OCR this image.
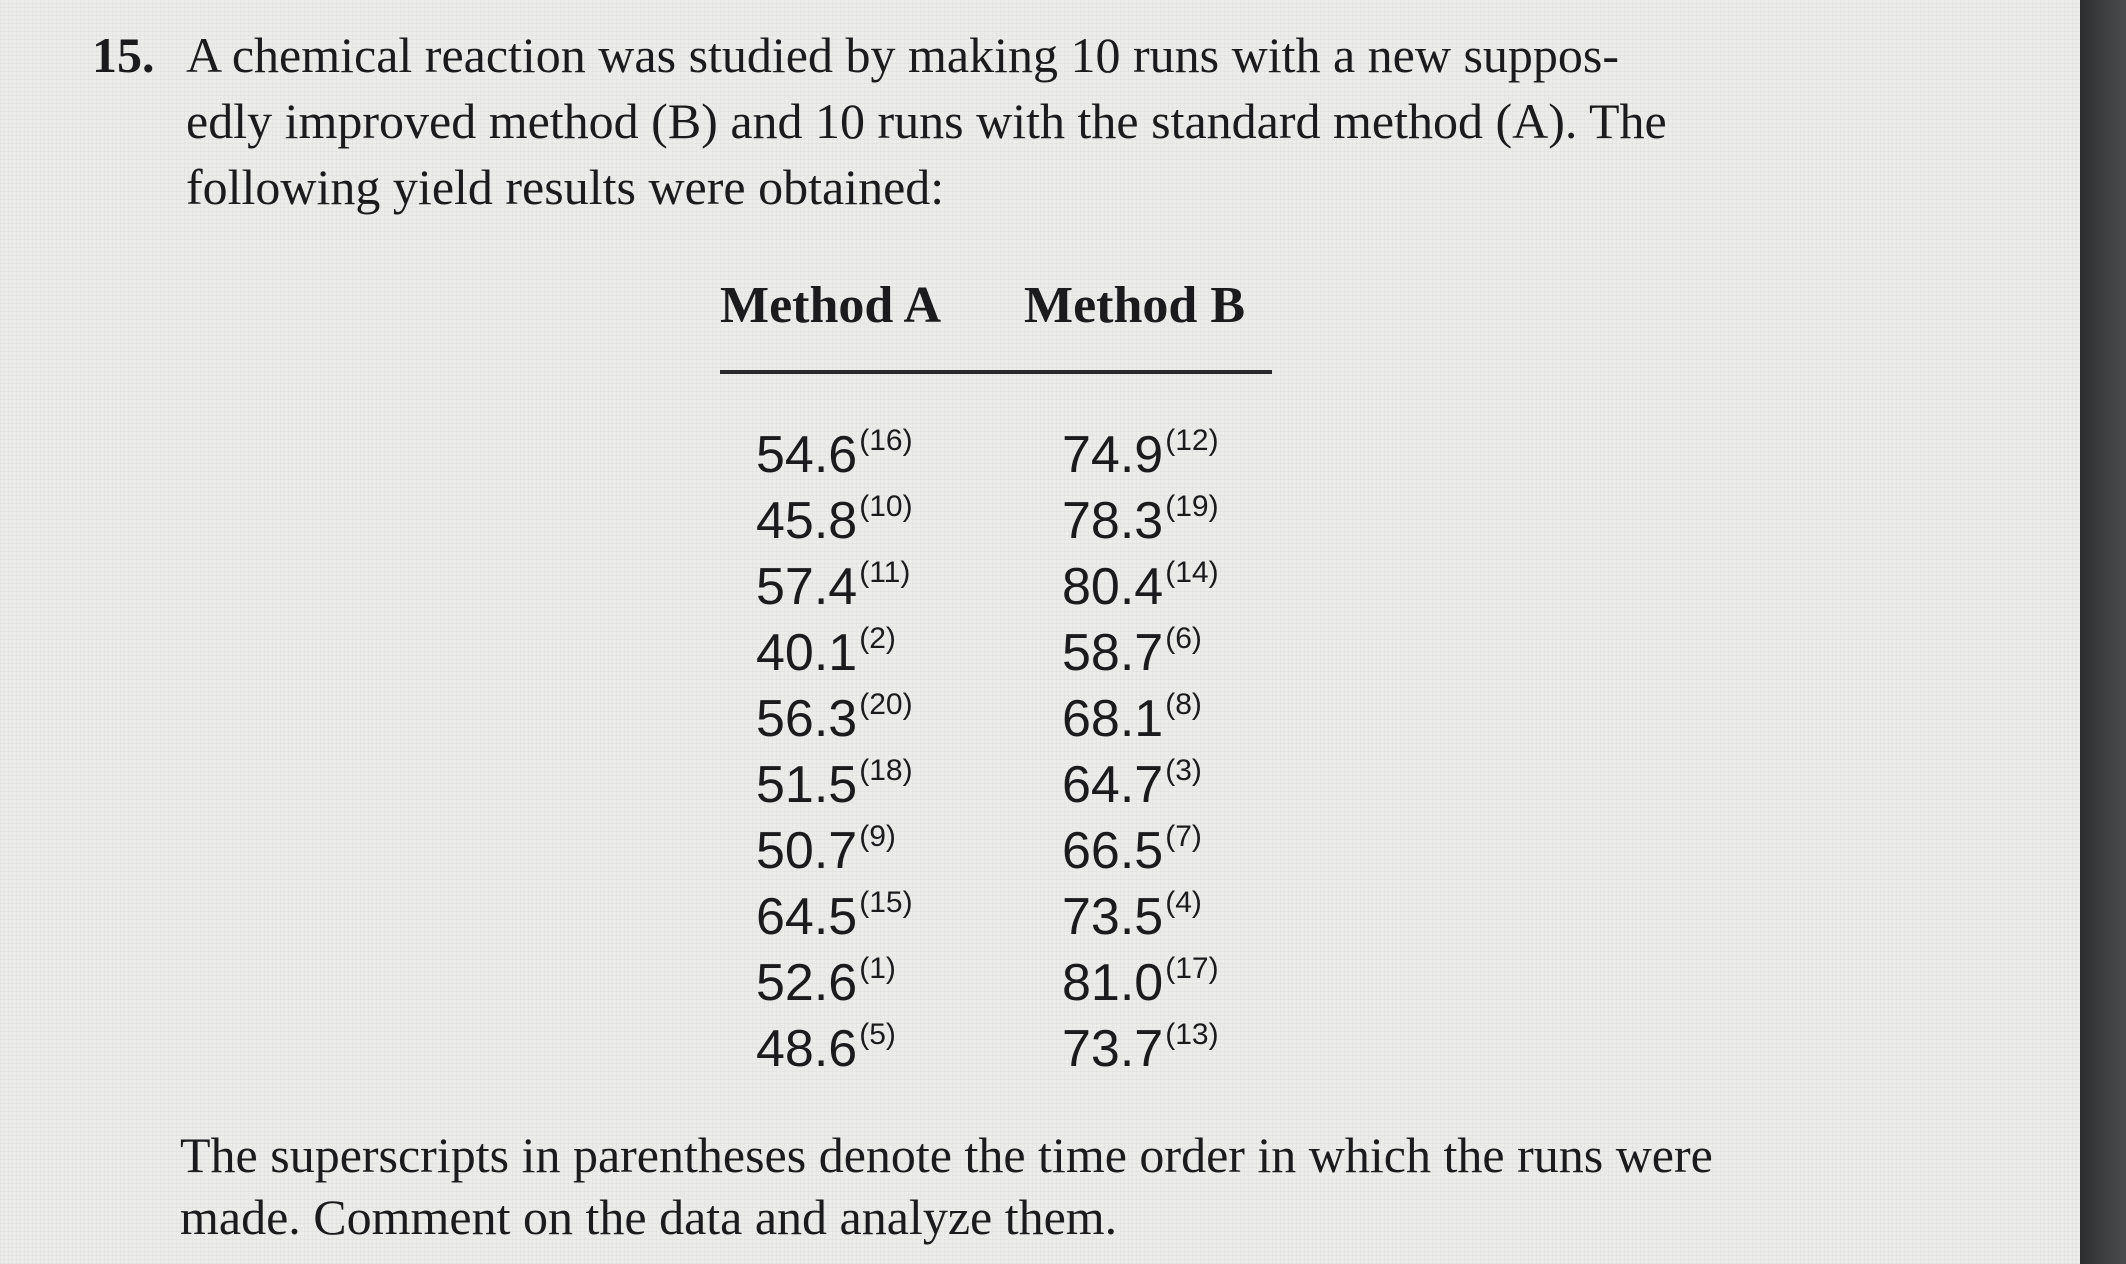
15. A chemical reaction was studied by making 10 runs with a new suppos-
edly improved method (B) and 10 runs with the standard method (A). The
following yield results were obtained:
Method A Method B
54.6$^{(16)}$	74.9$^{(12)}$
45.8$^{(10)}$	78.3$^{(19)}$
57.4$^{(11)}$	80.4$^{(14)}$
40.1$^{(2)}$	58.7$^{(6)}$
56.3$^{(20)}$	68.1$^{(8)}$
51.5$^{(18)}$	64.7$^{(3)}$
50.7$^{(9)}$	66.5$^{(7)}$
64.5$^{(15)}$	73.5$^{(4)}$
52.6$^{(1)}$	81.0$^{(17)}$
48.6$^{(5)}$	73.7$^{(13)}$
The superscripts in parentheses denote the time order in which the runs were
made. Comment on the data and analyze them.
